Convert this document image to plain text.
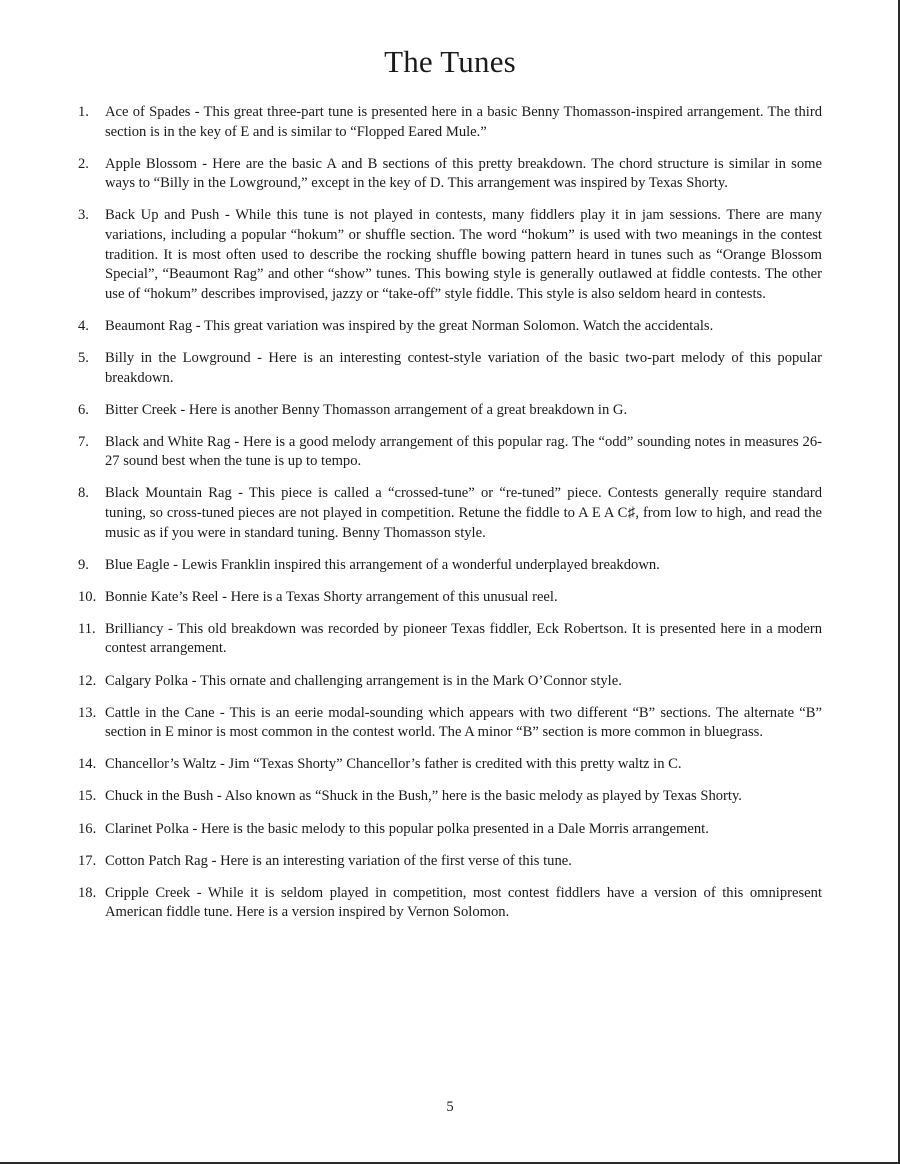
The Tunes
1.	Ace of Spades - This great three-part tune is presented here in a basic Benny Thomasson-inspired arrangement. The third section is in the key of E and is similar to “Flopped Eared Mule.”
2.	Apple Blossom - Here are the basic A and B sections of this pretty breakdown. The chord structure is similar in some ways to “Billy in the Lowground,” except in the key of D. This arrangement was inspired by Texas Shorty.
3.	Back Up and Push - While this tune is not played in contests, many fiddlers play it in jam sessions. There are many variations, including a popular “hokum” or shuffle section. The word “hokum” is used with two meanings in the contest tradition. It is most often used to describe the rocking shuffle bowing pattern heard in tunes such as “Orange Blossom Special”, “Beaumont Rag” and other “show” tunes. This bowing style is generally outlawed at fiddle contests. The other use of “hokum” describes improvised, jazzy or “take-off” style fiddle. This style is also seldom heard in contests.
4.	Beaumont Rag - This great variation was inspired by the great Norman Solomon. Watch the accidentals.
5.	Billy in the Lowground - Here is an interesting contest-style variation of the basic two-part melody of this popular breakdown.
6.	Bitter Creek - Here is another Benny Thomasson arrangement of a great breakdown in G.
7.	Black and White Rag - Here is a good melody arrangement of this popular rag. The “odd” sounding notes in measures 26-27 sound best when the tune is up to tempo.
8.	Black Mountain Rag - This piece is called a “crossed-tune” or “re-tuned” piece. Contests generally require standard tuning, so cross-tuned pieces are not played in competition. Retune the fiddle to A E A C♯, from low to high, and read the music as if you were in standard tuning. Benny Thomasson style.
9.	Blue Eagle - Lewis Franklin inspired this arrangement of a wonderful underplayed breakdown.
10. Bonnie Kate’s Reel - Here is a Texas Shorty arrangement of this unusual reel.
11. Brilliancy - This old breakdown was recorded by pioneer Texas fiddler, Eck Robertson. It is presented here in a modern contest arrangement.
12. Calgary Polka - This ornate and challenging arrangement is in the Mark O’Connor style.
13. Cattle in the Cane - This is an eerie modal-sounding which appears with two different “B” sections. The alternate “B” section in E minor is most common in the contest world. The A minor “B” section is more common in bluegrass.
14. Chancellor’s Waltz - Jim “Texas Shorty” Chancellor’s father is credited with this pretty waltz in C.
15. Chuck in the Bush - Also known as “Shuck in the Bush,” here is the basic melody as played by Texas Shorty.
16. Clarinet Polka - Here is the basic melody to this popular polka presented in a Dale Morris arrangement.
17. Cotton Patch Rag - Here is an interesting variation of the first verse of this tune.
18. Cripple Creek - While it is seldom played in competition, most contest fiddlers have a version of this omnipresent American fiddle tune. Here is a version inspired by Vernon Solomon.
5
